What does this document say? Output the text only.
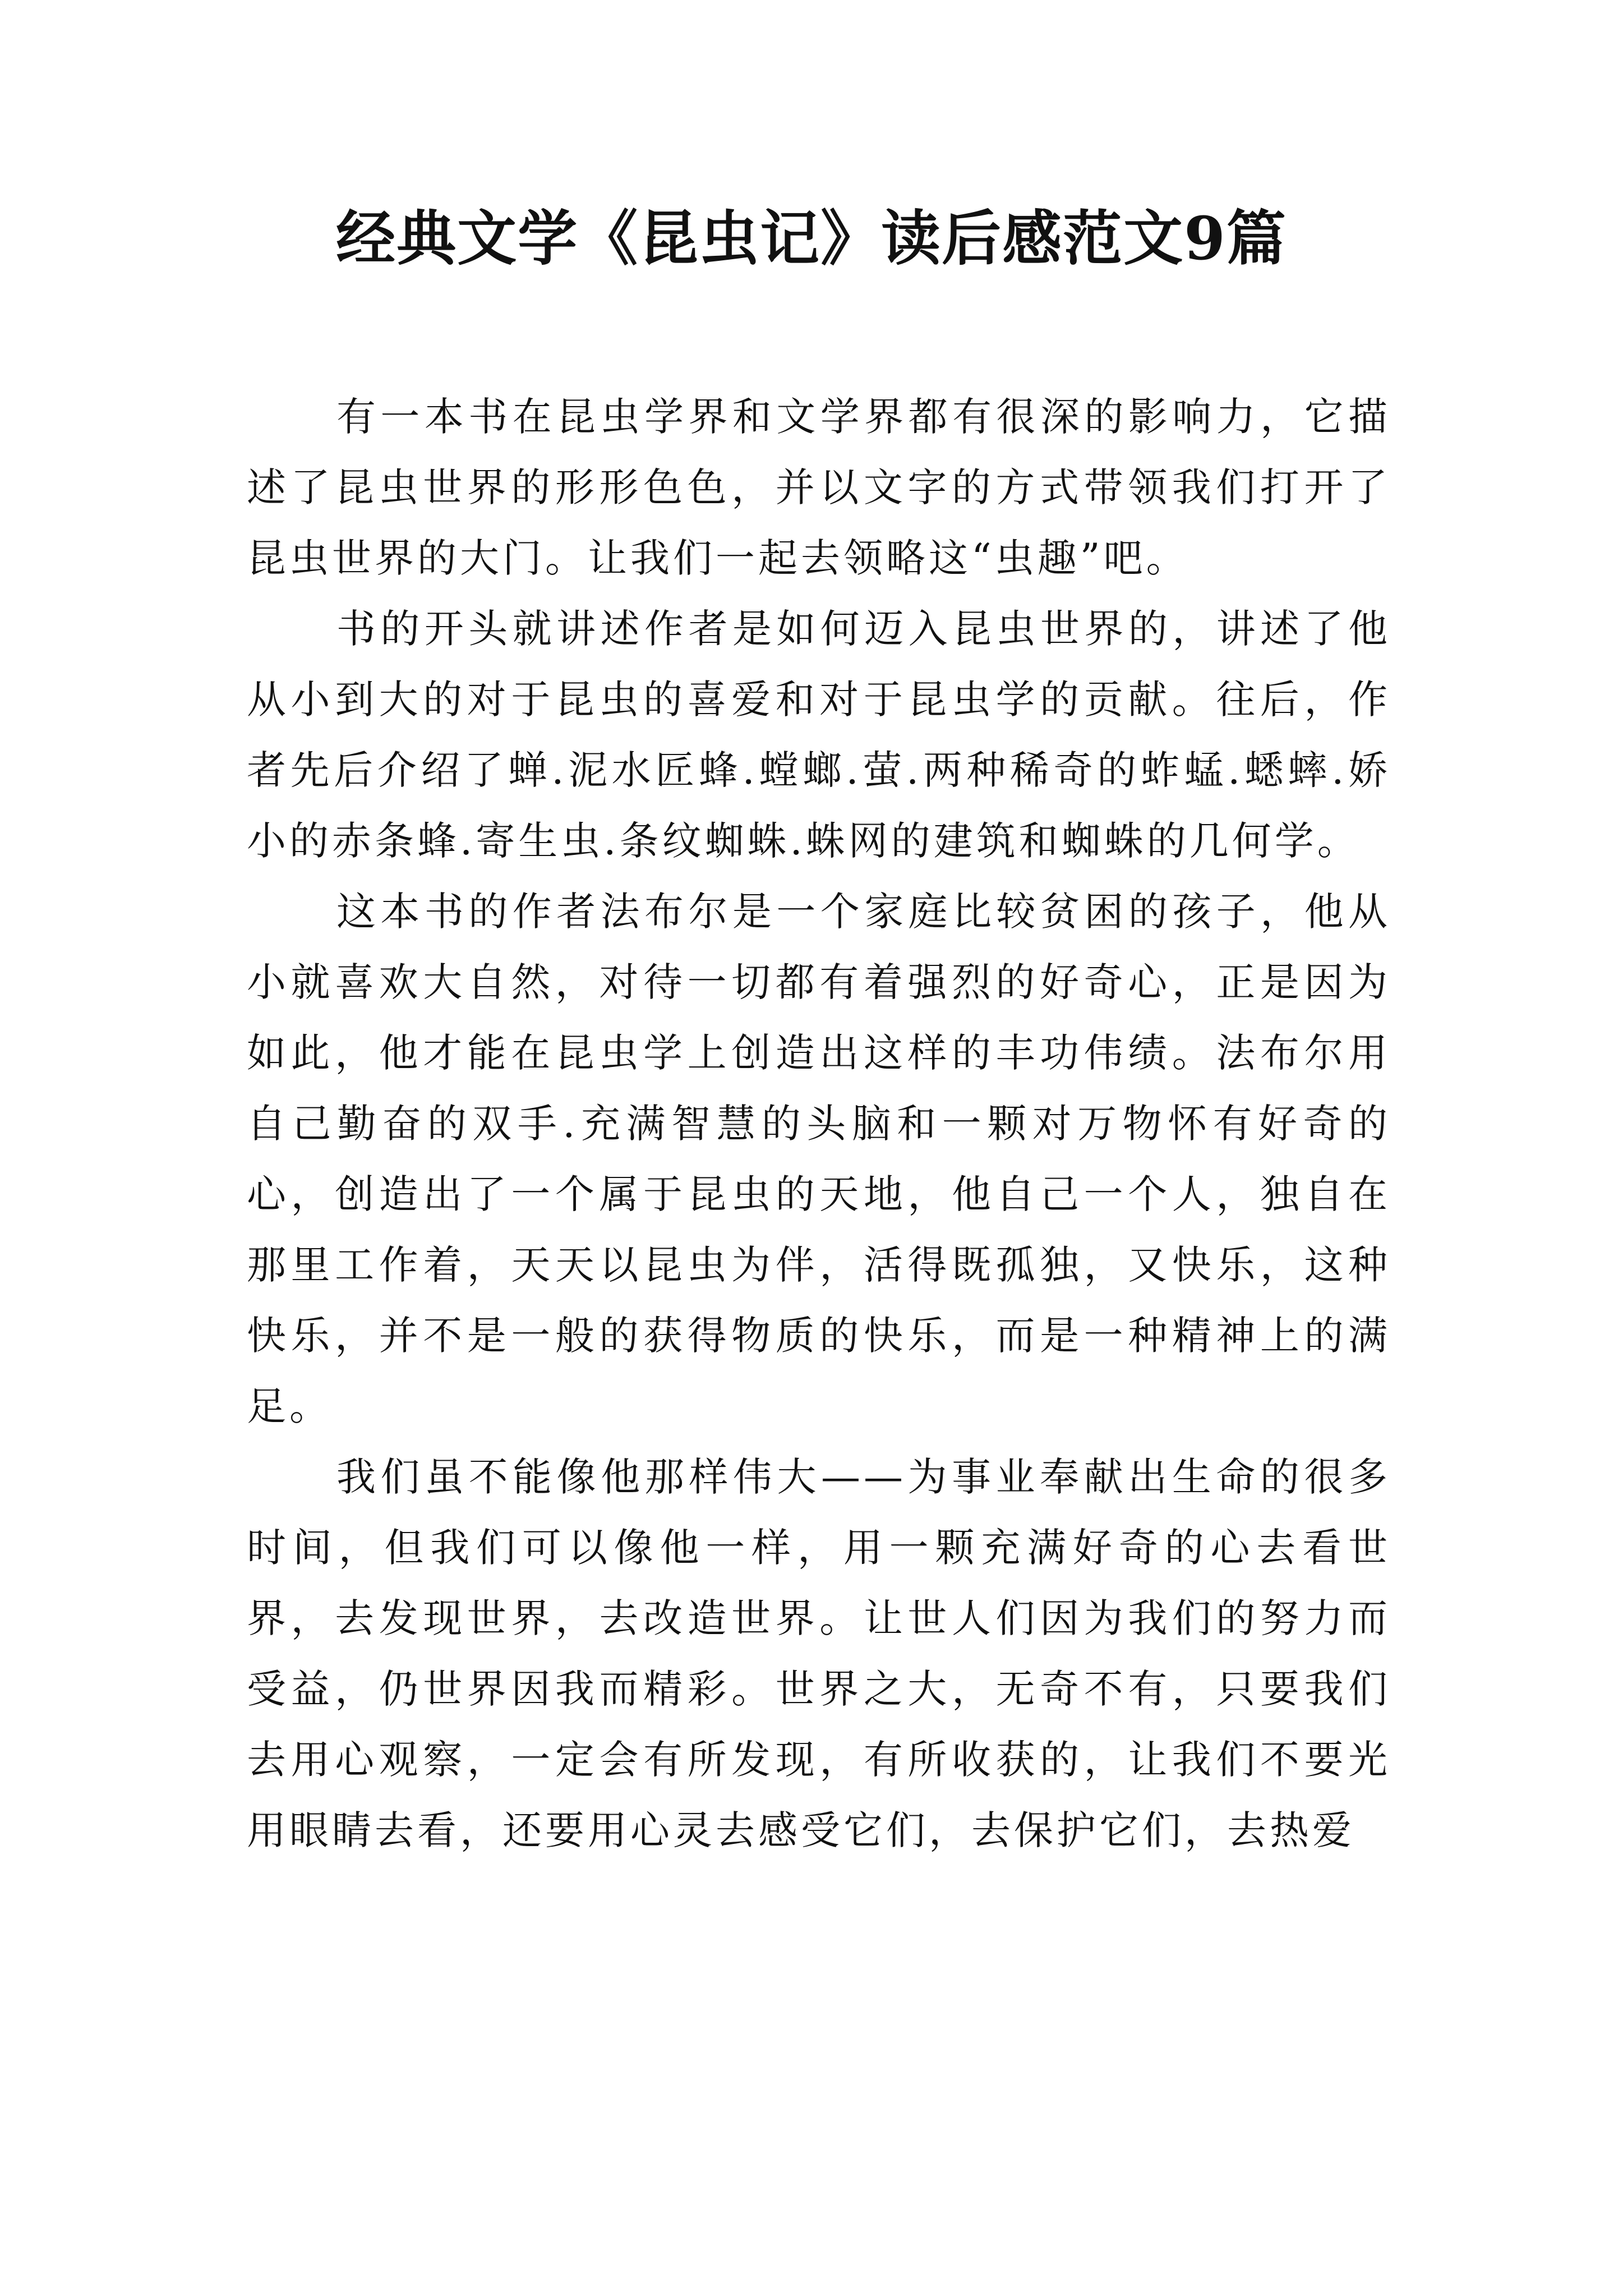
经典文学《昆虫记》读后感范文9篇

有一本书在昆虫学界和文学界都有很深的影响力，它描述了昆虫世界的形形色色，并以文字的方式带领我们打开了昆虫世界的大门。让我们一起去领略这“虫趣”吧。

书的开头就讲述作者是如何迈入昆虫世界的，讲述了他从小到大的对于昆虫的喜爱和对于昆虫学的贡献。往后，作者先后介绍了蝉.泥水匠蜂.螳螂.萤.两种稀奇的蚱蜢.蟋蟀.娇小的赤条蜂.寄生虫.条纹蜘蛛.蛛网的建筑和蜘蛛的几何学。

这本书的作者法布尔是一个家庭比较贫困的孩子，他从小就喜欢大自然，对待一切都有着强烈的好奇心，正是因为如此，他才能在昆虫学上创造出这样的丰功伟绩。法布尔用自己勤奋的双手.充满智慧的头脑和一颗对万物怀有好奇的心，创造出了一个属于昆虫的天地，他自己一个人，独自在那里工作着，天天以昆虫为伴，活得既孤独，又快乐，这种快乐，并不是一般的获得物质的快乐，而是一种精神上的满足。

我们虽不能像他那样伟大——为事业奉献出生命的很多时间，但我们可以像他一样，用一颗充满好奇的心去看世界，去发现世界，去改造世界。让世人们因为我们的努力而受益，仍世界因我而精彩。世界之大，无奇不有，只要我们去用心观察，一定会有所发现，有所收获的，让我们不要光用眼睛去看，还要用心灵去感受它们，去保护它们，去热爱
